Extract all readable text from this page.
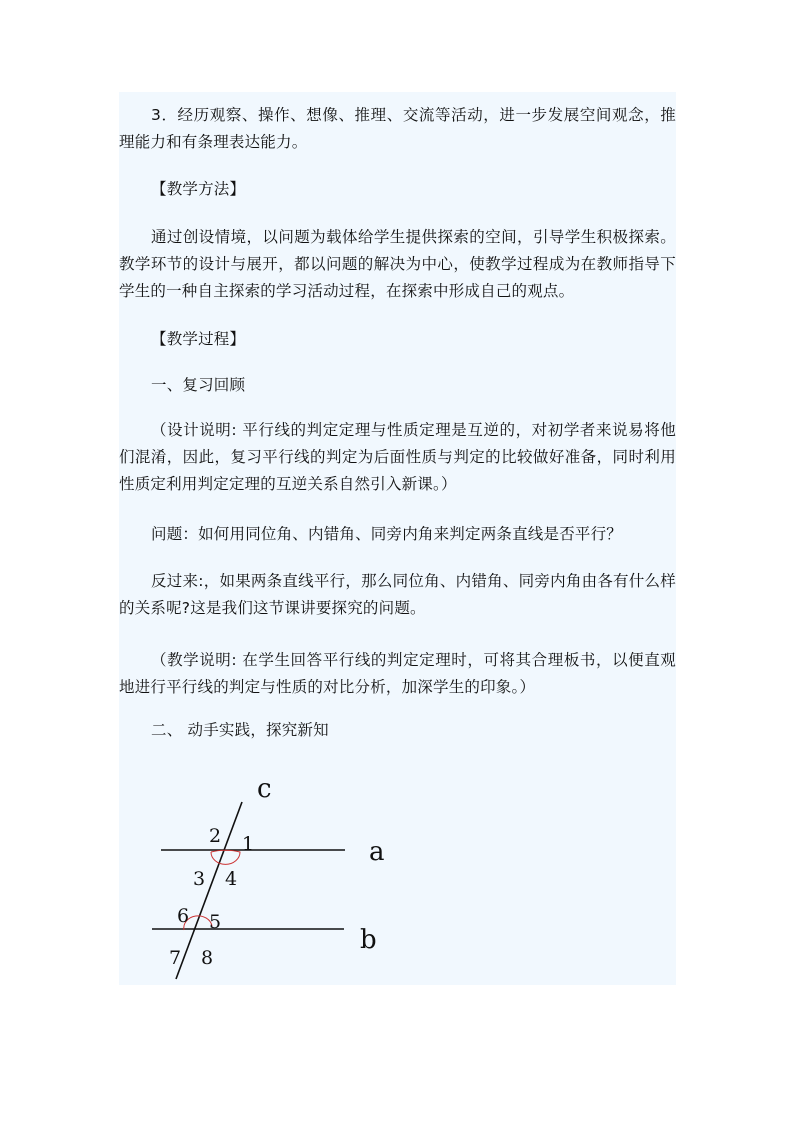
3．经历观察、操作、想像、推理、交流等活动，进一步发展空间观念，推理能力和有条理表达能力。

【教学方法】

通过创设情境，以问题为载体给学生提供探索的空间，引导学生积极探索。教学环节的设计与展开，都以问题的解决为中心，使教学过程成为在教师指导下学生的一种自主探索的学习活动过程，在探索中形成自己的观点。

【教学过程】

一、复习回顾

（设计说明: 平行线的判定定理与性质定理是互逆的，对初学者来说易将他们混淆，因此，复习平行线的判定为后面性质与判定的比较做好准备，同时利用性质定利用判定定理的互逆关系自然引入新课。）

问题：如何用同位角、内错角、同旁内角来判定两条直线是否平行？

反过来:，如果两条直线平行，那么同位角、内错角、同旁内角由各有什么样的关系呢?这是我们这节课讲要探究的问题。

（教学说明: 在学生回答平行线的判定定理时，可将其合理板书，以便直观地进行平行线的判定与性质的对比分析，加深学生的印象。）

二、 动手实践，探究新知

c
a
b
1
2
3 4
5
6
7 8
